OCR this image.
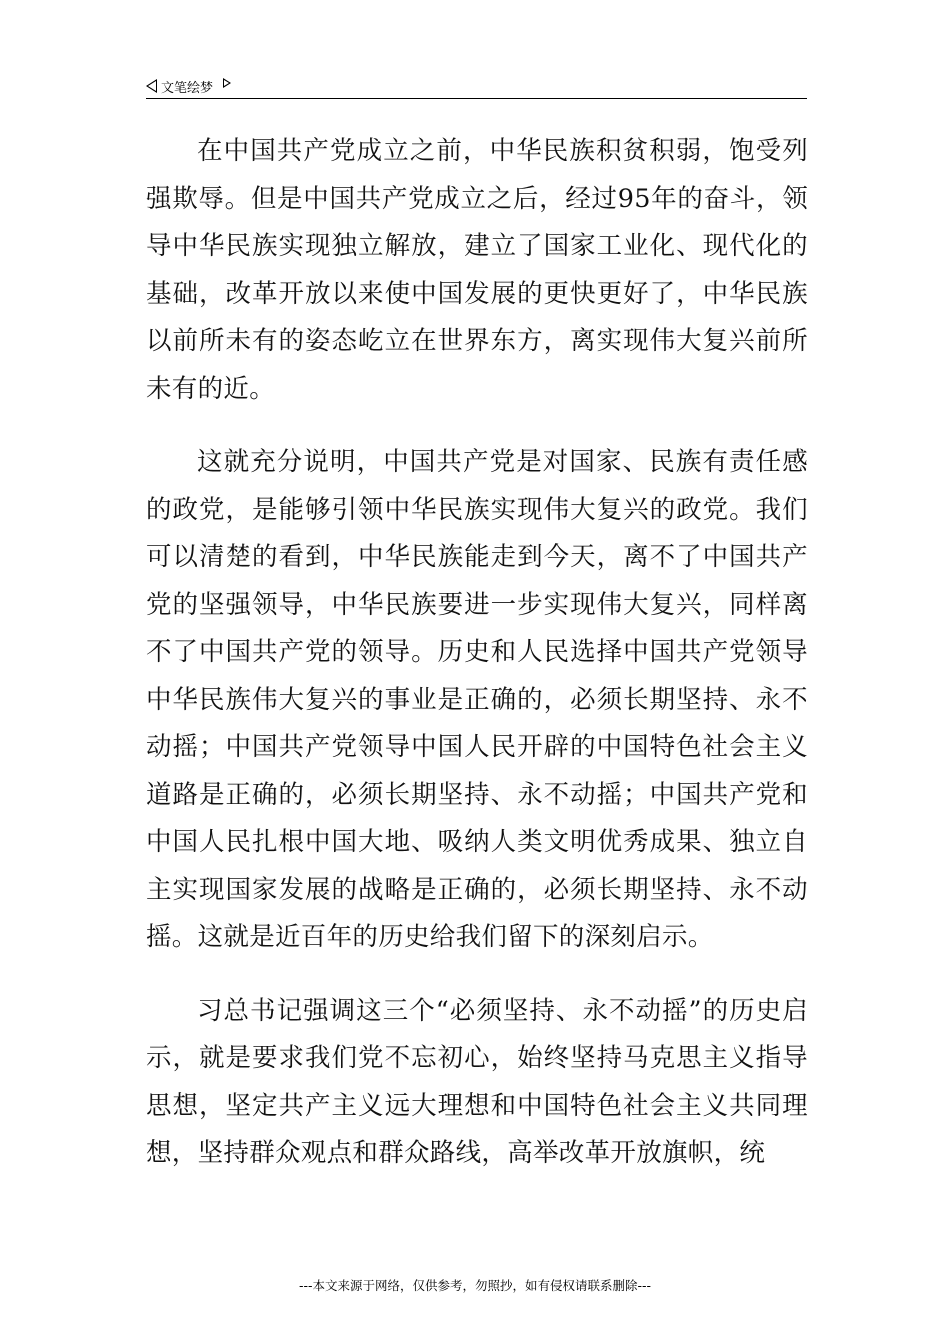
文笔绘梦

在中国共产党成立之前，中华民族积贫积弱，饱受列强欺辱。但是中国共产党成立之后，经过95年的奋斗，领导中华民族实现独立解放，建立了国家工业化、现代化的基础，改革开放以来使中国发展的更快更好了，中华民族以前所未有的姿态屹立在世界东方，离实现伟大复兴前所未有的近。

这就充分说明，中国共产党是对国家、民族有责任感的政党，是能够引领中华民族实现伟大复兴的政党。我们可以清楚的看到，中华民族能走到今天，离不了中国共产党的坚强领导，中华民族要进一步实现伟大复兴，同样离不了中国共产党的领导。历史和人民选择中国共产党领导中华民族伟大复兴的事业是正确的，必须长期坚持、永不动摇；中国共产党领导中国人民开辟的中国特色社会主义道路是正确的，必须长期坚持、永不动摇；中国共产党和中国人民扎根中国大地、吸纳人类文明优秀成果、独立自主实现国家发展的战略是正确的，必须长期坚持、永不动摇。这就是近百年的历史给我们留下的深刻启示。

习总书记强调这三个“必须坚持、永不动摇”的历史启示，就是要求我们党不忘初心，始终坚持马克思主义指导思想，坚定共产主义远大理想和中国特色社会主义共同理想，坚持群众观点和群众路线，高举改革开放旗帜，统

---本文来源于网络，仅供参考，勿照抄，如有侵权请联系删除---
